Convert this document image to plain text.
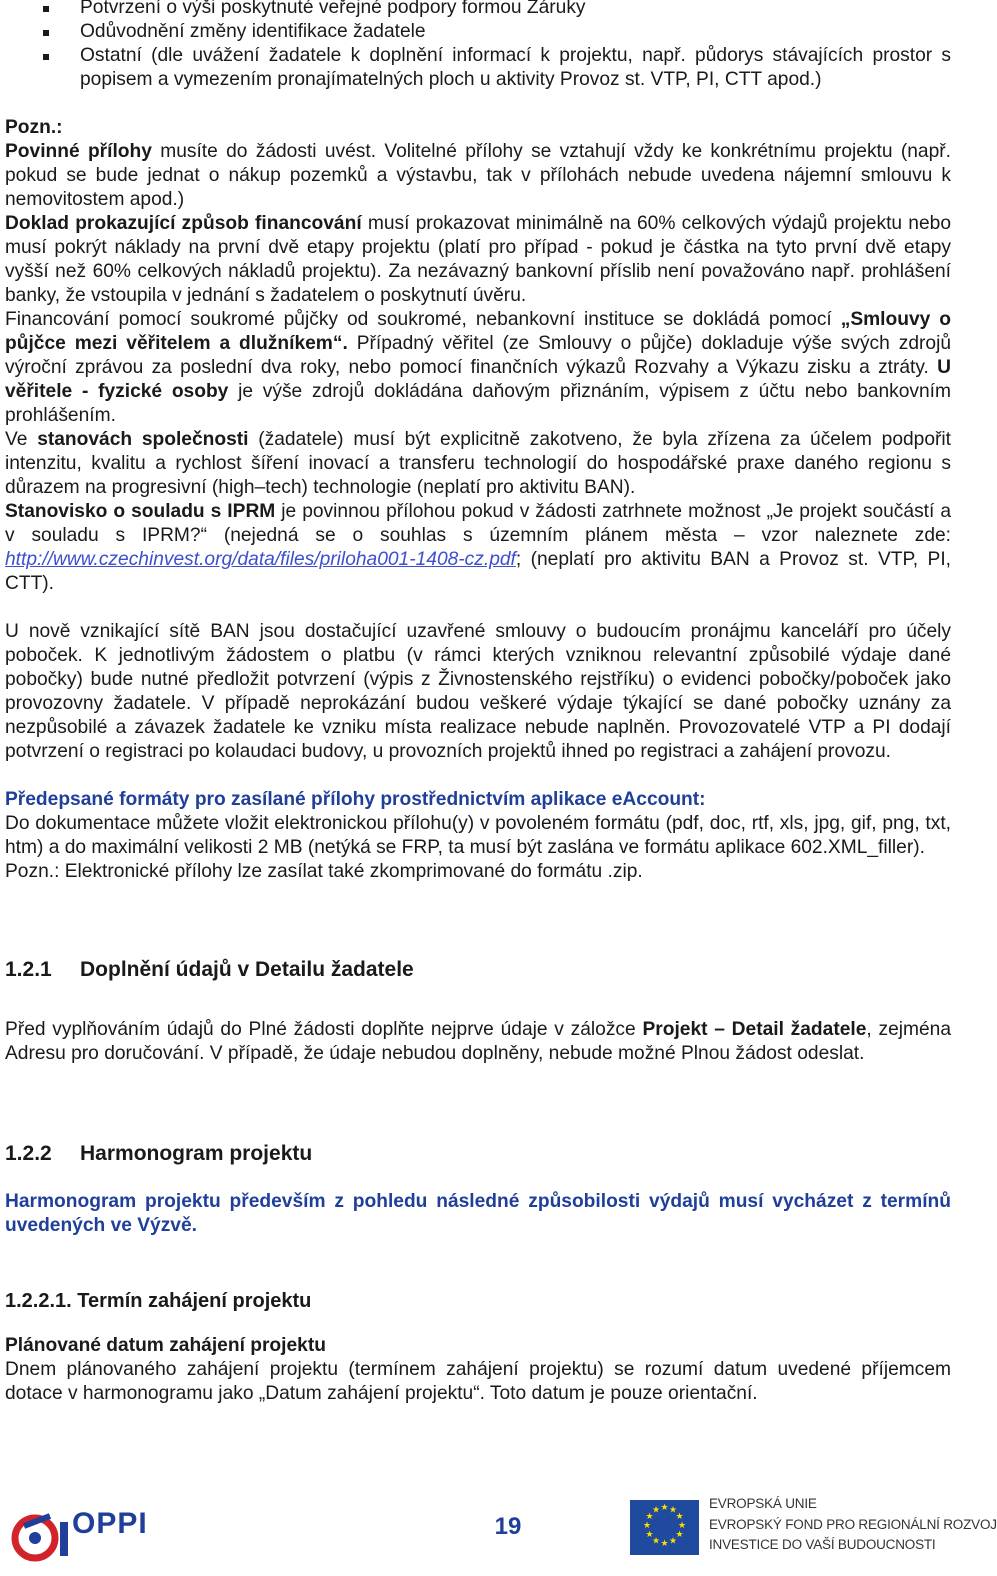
Potvrzení o výši poskytnuté veřejné podpory formou Záruky
Odůvodnění změny identifikace žadatele
Ostatní (dle uvážení žadatele k doplnění informací k projektu, např. půdorys stávajících prostor s popisem a vymezením pronajímatelných ploch u aktivity Provoz st. VTP, PI, CTT apod.)

Pozn.:

Povinné přílohy musíte do žádosti uvést. Volitelné přílohy se vztahují vždy ke konkrétnímu projektu (např. pokud se bude jednat o nákup pozemků a výstavbu, tak v přílohách nebude uvedena nájemní smlouvu k nemovitostem apod.)

Doklad prokazující způsob financování musí prokazovat minimálně na 60% celkových výdajů projektu nebo musí pokrýt náklady na první dvě etapy projektu (platí pro případ - pokud je částka na tyto první dvě etapy vyšší než 60% celkových nákladů projektu). Za nezávazný bankovní příslib není považováno např. prohlášení banky, že vstoupila v jednání s žadatelem o poskytnutí úvěru.

Financování pomocí soukromé půjčky od soukromé, nebankovní instituce se dokládá pomocí „Smlouvy o půjčce mezi věřitelem a dlužníkem“. Případný věřitel (ze Smlouvy o půjče) dokladuje výše svých zdrojů výroční zprávou za poslední dva roky, nebo pomocí finančních výkazů Rozvahy a Výkazu zisku a ztráty. U věřitele - fyzické osoby je výše zdrojů dokládána daňovým přiznáním, výpisem z účtu nebo bankovním prohlášením.

Ve stanovách společnosti (žadatele) musí být explicitně zakotveno, že byla zřízena za účelem podpořit intenzitu, kvalitu a rychlost šíření inovací a transferu technologií do hospodářské praxe daného regionu s důrazem na progresivní (high–tech) technologie (neplatí pro aktivitu BAN).

Stanovisko o souladu s IPRM je povinnou přílohou pokud v žádosti zatrhnete možnost „Je projekt součástí a v souladu s IPRM?“ (nejedná se o souhlas s územním plánem města – vzor naleznete zde: http://www.czechinvest.org/data/files/priloha001-1408-cz.pdf; (neplatí pro aktivitu BAN a Provoz st. VTP, PI, CTT).

U nově vznikající sítě BAN jsou dostačující uzavřené smlouvy o budoucím pronájmu kanceláří pro účely poboček. K jednotlivým žádostem o platbu (v rámci kterých vzniknou relevantní způsobilé výdaje dané pobočky) bude nutné předložit potvrzení (výpis z Živnostenského rejstříku) o evidenci pobočky/poboček jako provozovny žadatele. V případě neprokázání budou veškeré výdaje týkající se dané pobočky uznány za nezpůsobilé a závazek žadatele ke vzniku místa realizace nebude naplněn. Provozovatelé VTP a PI dodají potvrzení o registraci po kolaudaci budovy, u provozních projektů ihned po registraci a zahájení provozu.

Předepsané formáty pro zasílané přílohy prostřednictvím aplikace eAccount:

Do dokumentace můžete vložit elektronickou přílohu(y) v povoleném formátu (pdf, doc, rtf, xls, jpg, gif, png, txt, htm) a do maximální velikosti 2 MB (netýká se FRP, ta musí být zaslána ve formátu aplikace 602.XML_filler).

Pozn.: Elektronické přílohy lze zasílat také zkomprimované do formátu .zip.

1.2.1 Doplnění údajů v Detailu žadatele

Před vyplňováním údajů do Plné žádosti doplňte nejprve údaje v záložce Projekt – Detail žadatele, zejména Adresu pro doručování. V případě, že údaje nebudou doplněny, nebude možné Plnou žádost odeslat.

1.2.2 Harmonogram projektu

Harmonogram projektu především z pohledu následné způsobilosti výdajů musí vycházet z termínů uvedených ve Výzvě.

1.2.2.1. Termín zahájení projektu

Plánované datum zahájení projektu

Dnem plánovaného zahájení projektu (termínem zahájení projektu) se rozumí datum uvedené příjemcem dotace v harmonogramu jako „Datum zahájení projektu“. Toto datum je pouze orientační.

OPPI	19
★ ★
★
★
★
★
★
★
★
★
★
★	EVROPSKÁ UNIE
EVROPSKÝ FOND PRO REGIONÁLNÍ ROZVOJ
INVESTICE DO VAŠÍ BUDOUCNOSTI
